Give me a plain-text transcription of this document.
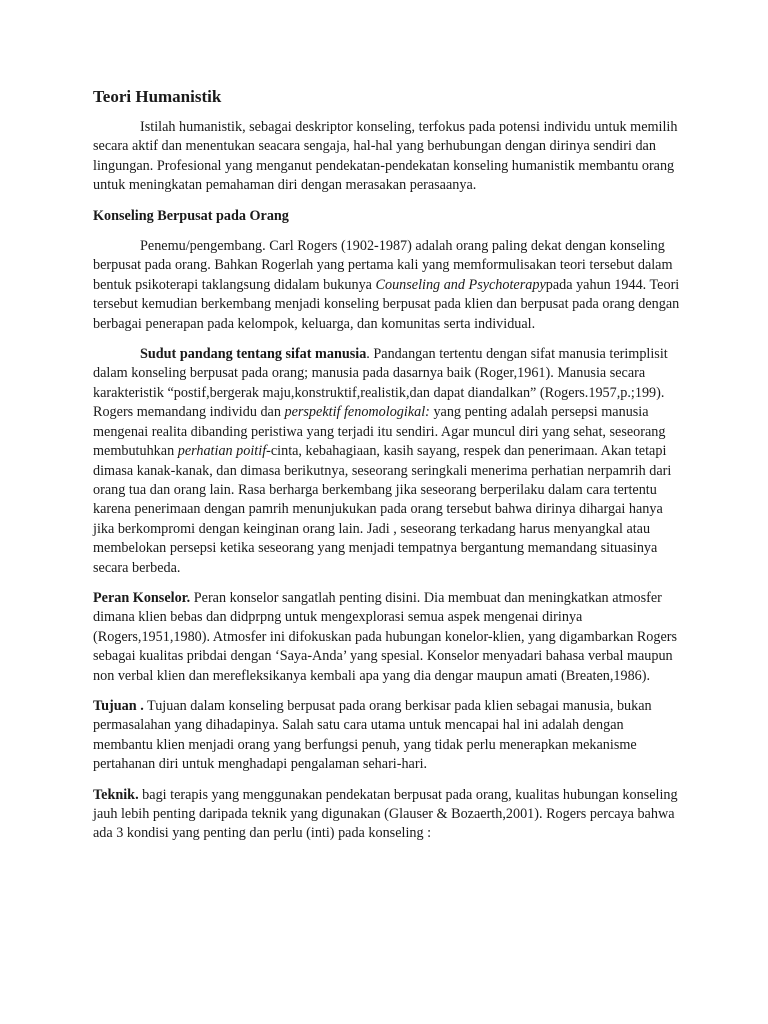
Teori Humanistik

Istilah humanistik, sebagai deskriptor konseling, terfokus pada potensi individu untuk memilih secara aktif dan menentukan seacara sengaja, hal-hal yang berhubungan dengan dirinya sendiri dan lingungan. Profesional yang menganut pendekatan-pendekatan konseling humanistik membantu orang untuk meningkatan pemahaman diri dengan merasakan perasaanya.

Konseling Berpusat pada Orang

Penemu/pengembang. Carl Rogers (1902-1987) adalah orang paling dekat dengan konseling berpusat pada orang. Bahkan Rogerlah yang pertama kali yang memformulisakan teori tersebut dalam bentuk psikoterapi taklangsung didalam bukunya Counseling and Psychoterapypada yahun 1944. Teori tersebut kemudian berkembang menjadi konseling berpusat pada klien dan berpusat pada orang dengan berbagai penerapan pada kelompok, keluarga, dan komunitas serta individual.

Sudut pandang tentang sifat manusia. Pandangan tertentu dengan sifat manusia terimplisit dalam konseling berpusat pada orang; manusia pada dasarnya baik (Roger,1961). Manusia secara karakteristik “postif,bergerak maju,konstruktif,realistik,dan dapat diandalkan” (Rogers.1957,p.;199). Rogers memandang individu dan perspektif fenomologikal: yang penting adalah persepsi manusia mengenai realita dibanding peristiwa yang terjadi itu sendiri. Agar muncul diri yang sehat, seseorang membutuhkan perhatian poitif-cinta, kebahagiaan, kasih sayang, respek dan penerimaan. Akan tetapi dimasa kanak-kanak, dan dimasa berikutnya, seseorang seringkali menerima perhatian nerpamrih dari orang tua dan orang lain. Rasa berharga berkembang jika seseorang berperilaku dalam cara tertentu karena penerimaan dengan pamrih menunjukukan pada orang tersebut bahwa dirinya dihargai hanya jika berkompromi dengan keinginan orang lain. Jadi , seseorang terkadang harus menyangkal atau membelokan persepsi ketika seseorang yang menjadi tempatnya bergantung memandang situasinya secara berbeda.

Peran Konselor. Peran konselor sangatlah penting disini. Dia membuat dan meningkatkan atmosfer dimana klien bebas dan didprpng untuk mengexplorasi semua aspek mengenai dirinya (Rogers,1951,1980). Atmosfer ini difokuskan pada hubungan konelor-klien, yang digambarkan Rogers sebagai kualitas pribdai dengan ‘Saya-Anda’ yang spesial. Konselor menyadari bahasa verbal maupun non verbal klien dan merefleksikanya kembali apa yang dia dengar maupun amati (Breaten,1986).

Tujuan . Tujuan dalam konseling berpusat pada orang berkisar pada klien sebagai manusia, bukan permasalahan yang dihadapinya. Salah satu cara utama untuk mencapai hal ini adalah dengan membantu klien menjadi orang yang berfungsi penuh, yang tidak perlu menerapkan mekanisme pertahanan diri untuk menghadapi pengalaman sehari-hari.

Teknik. bagi terapis yang menggunakan pendekatan berpusat pada orang, kualitas hubungan konseling jauh lebih penting daripada teknik yang digunakan (Glauser & Bozaerth,2001). Rogers percaya bahwa ada 3 kondisi yang penting dan perlu (inti) pada konseling :
